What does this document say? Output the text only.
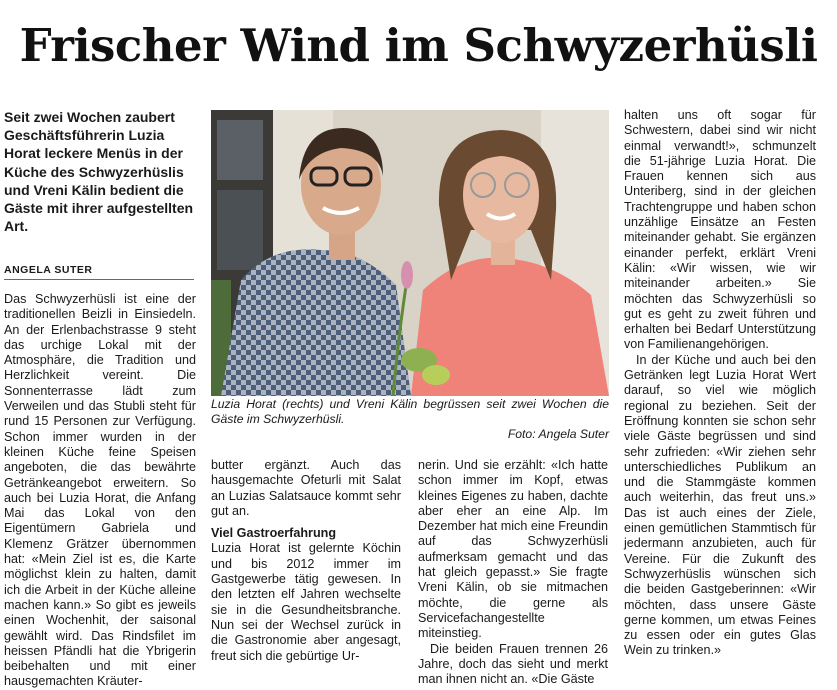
Frischer Wind im Schwyzerhüsli

Seit zwei Wochen zaubert Geschäftsführerin Luzia Horat leckere Menüs in der Küche des Schwyzerhüslis und Vreni Kälin bedient die Gäste mit ihrer aufgestellten Art.

ANGELA SUTER

Das Schwyzerhüsli ist eine der traditionellen Beizli in Einsiedeln. An der Erlenbachstrasse 9 steht das urchige Lokal mit der Atmosphäre, die Tradition und Herzlichkeit vereint. Die Sonnenterrasse lädt zum Verweilen und das Stubli steht für rund 15 Personen zur Verfügung. Schon immer wurden in der kleinen Küche feine Speisen angeboten, die das bewährte Getränkeangebot erweitern. So auch bei Luzia Horat, die Anfang Mai das Lokal von den Eigentümern Gabriela und Klemenz Grätzer übernommen hat: «Mein Ziel ist es, die Karte möglichst klein zu halten, damit ich die Arbeit in der Küche alleine machen kann.» So gibt es jeweils einen Wochenhit, der saisonal gewählt wird. Das Rindsfilet im heissen Pfändli hat die Ybrigerin beibehalten und mit einer hausgemachten Kräuter-

Luzia Horat (rechts) und Vreni Kälin begrüssen seit zwei Wochen die Gäste im Schwyzerhüsli.
Foto: Angela Suter

butter ergänzt. Auch das hausgemachte Ofeturli mit Salat an Luzias Salatsauce kommt sehr gut an.

Viel Gastroerfahrung

Luzia Horat ist gelernte Köchin und bis 2012 immer im Gastgewerbe tätig gewesen. In den letzten elf Jahren wechselte sie in die Gesundheitsbranche. Nun sei der Wechsel zurück in die Gastronomie aber angesagt, freut sich die gebürtige Ur-

nerin. Und sie erzählt: «Ich hatte schon immer im Kopf, etwas kleines Eigenes zu haben, dachte aber eher an eine Alp. Im Dezember hat mich eine Freundin auf das Schwyzerhüsli aufmerksam gemacht und das hat gleich gepasst.» Sie fragte Vreni Kälin, ob sie mitmachen möchte, die gerne als Servicefachangestellte miteinstieg.

Die beiden Frauen trennen 26 Jahre, doch das sieht und merkt man ihnen nicht an. «Die Gäste

halten uns oft sogar für Schwestern, dabei sind wir nicht einmal verwandt!», schmunzelt die 51-jährige Luzia Horat. Die Frauen kennen sich aus Unteriberg, sind in der gleichen Trachtengruppe und haben schon unzählige Einsätze an Festen miteinander gehabt. Sie ergänzen einander perfekt, erklärt Vreni Kälin: «Wir wissen, wie wir miteinander arbeiten.» Sie möchten das Schwyzerhüsli so gut es geht zu zweit führen und erhalten bei Bedarf Unterstützung von Familienangehörigen.

In der Küche und auch bei den Getränken legt Luzia Horat Wert darauf, so viel wie möglich regional zu beziehen. Seit der Eröffnung konnten sie schon sehr viele Gäste begrüssen und sind sehr zufrieden: «Wir ziehen sehr unterschiedliches Publikum an und die Stammgäste kommen auch weiterhin, das freut uns.» Das ist auch eines der Ziele, einen gemütlichen Stammtisch für jedermann anzubieten, auch für Vereine. Für die Zukunft des Schwyzerhüslis wünschen sich die beiden Gastgeberinnen: «Wir möchten, dass unsere Gäste gerne kommen, um etwas Feines zu essen oder ein gutes Glas Wein zu trinken.»
